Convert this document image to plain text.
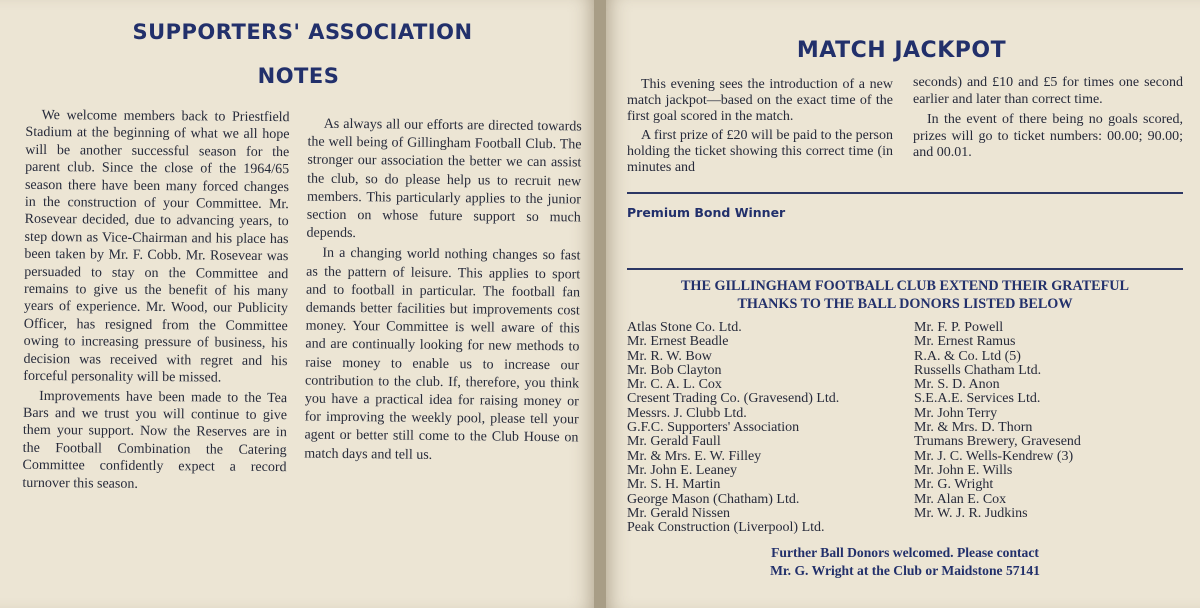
SUPPORTERS' ASSOCIATION
NOTES

We welcome members back to Priestfield Stadium at the beginning of what we all hope will be another successful season for the parent club. Since the close of the 1964/65 season there have been many forced changes in the construction of your Committee. Mr. Rosevear decided, due to advancing years, to step down as Vice-Chairman and his place has been taken by Mr. F. Cobb. Mr. Rosevear was persuaded to stay on the Committee and remains to give us the benefit of his many years of experience. Mr. Wood, our Publicity Officer, has resigned from the Committee owing to increasing pressure of business, his decision was received with regret and his forceful personality will be missed.

Improvements have been made to the Tea Bars and we trust you will continue to give them your support. Now the Reserves are in the Football Combination the Catering Committee confidently expect a record turnover this season.

As always all our efforts are directed towards the well being of Gillingham Football Club. The stronger our association the better we can assist the club, so do please help us to recruit new members. This particularly applies to the junior section on whose future support so much depends.

In a changing world nothing changes so fast as the pattern of leisure. This applies to sport and to football in particular. The football fan demands better facilities but improvements cost money. Your Committee is well aware of this and are continually looking for new methods to raise money to enable us to increase our contribution to the club. If, therefore, you think you have a practical idea for raising money or for improving the weekly pool, please tell your agent or better still come to the Club House on match days and tell us.

MATCH JACKPOT

This evening sees the introduction of a new match jackpot—based on the exact time of the first goal scored in the match.

A first prize of £20 will be paid to the person holding the ticket showing this correct time (in minutes and

seconds) and £10 and £5 for times one second earlier and later than correct time.

In the event of there being no goals scored, prizes will go to ticket numbers: 00.00; 90.00; and 00.01.

Premium Bond Winner
THE GILLINGHAM FOOTBALL CLUB EXTEND THEIR GRATEFUL
THANKS TO THE BALL DONORS LISTED BELOW
Atlas Stone Co. Ltd.
Mr. Ernest Beadle
Mr. R. W. Bow
Mr. Bob Clayton
Mr. C. A. L. Cox
Cresent Trading Co. (Gravesend) Ltd.
Messrs. J. Clubb Ltd.
G.F.C. Supporters' Association
Mr. Gerald Faull
Mr. & Mrs. E. W. Filley
Mr. John E. Leaney
Mr. S. H. Martin
George Mason (Chatham) Ltd.
Mr. Gerald Nissen
Peak Construction (Liverpool) Ltd.
Mr. F. P. Powell
Mr. Ernest Ramus
R.A. & Co. Ltd (5)
Russells Chatham Ltd.
Mr. S. D. Anon
S.E.A.E. Services Ltd.
Mr. John Terry
Mr. & Mrs. D. Thorn
Trumans Brewery, Gravesend
Mr. J. C. Wells-Kendrew (3)
Mr. John E. Wills
Mr. G. Wright
Mr. Alan E. Cox
Mr. W. J. R. Judkins
Further Ball Donors welcomed. Please contact
Mr. G. Wright at the Club or Maidstone 57141
